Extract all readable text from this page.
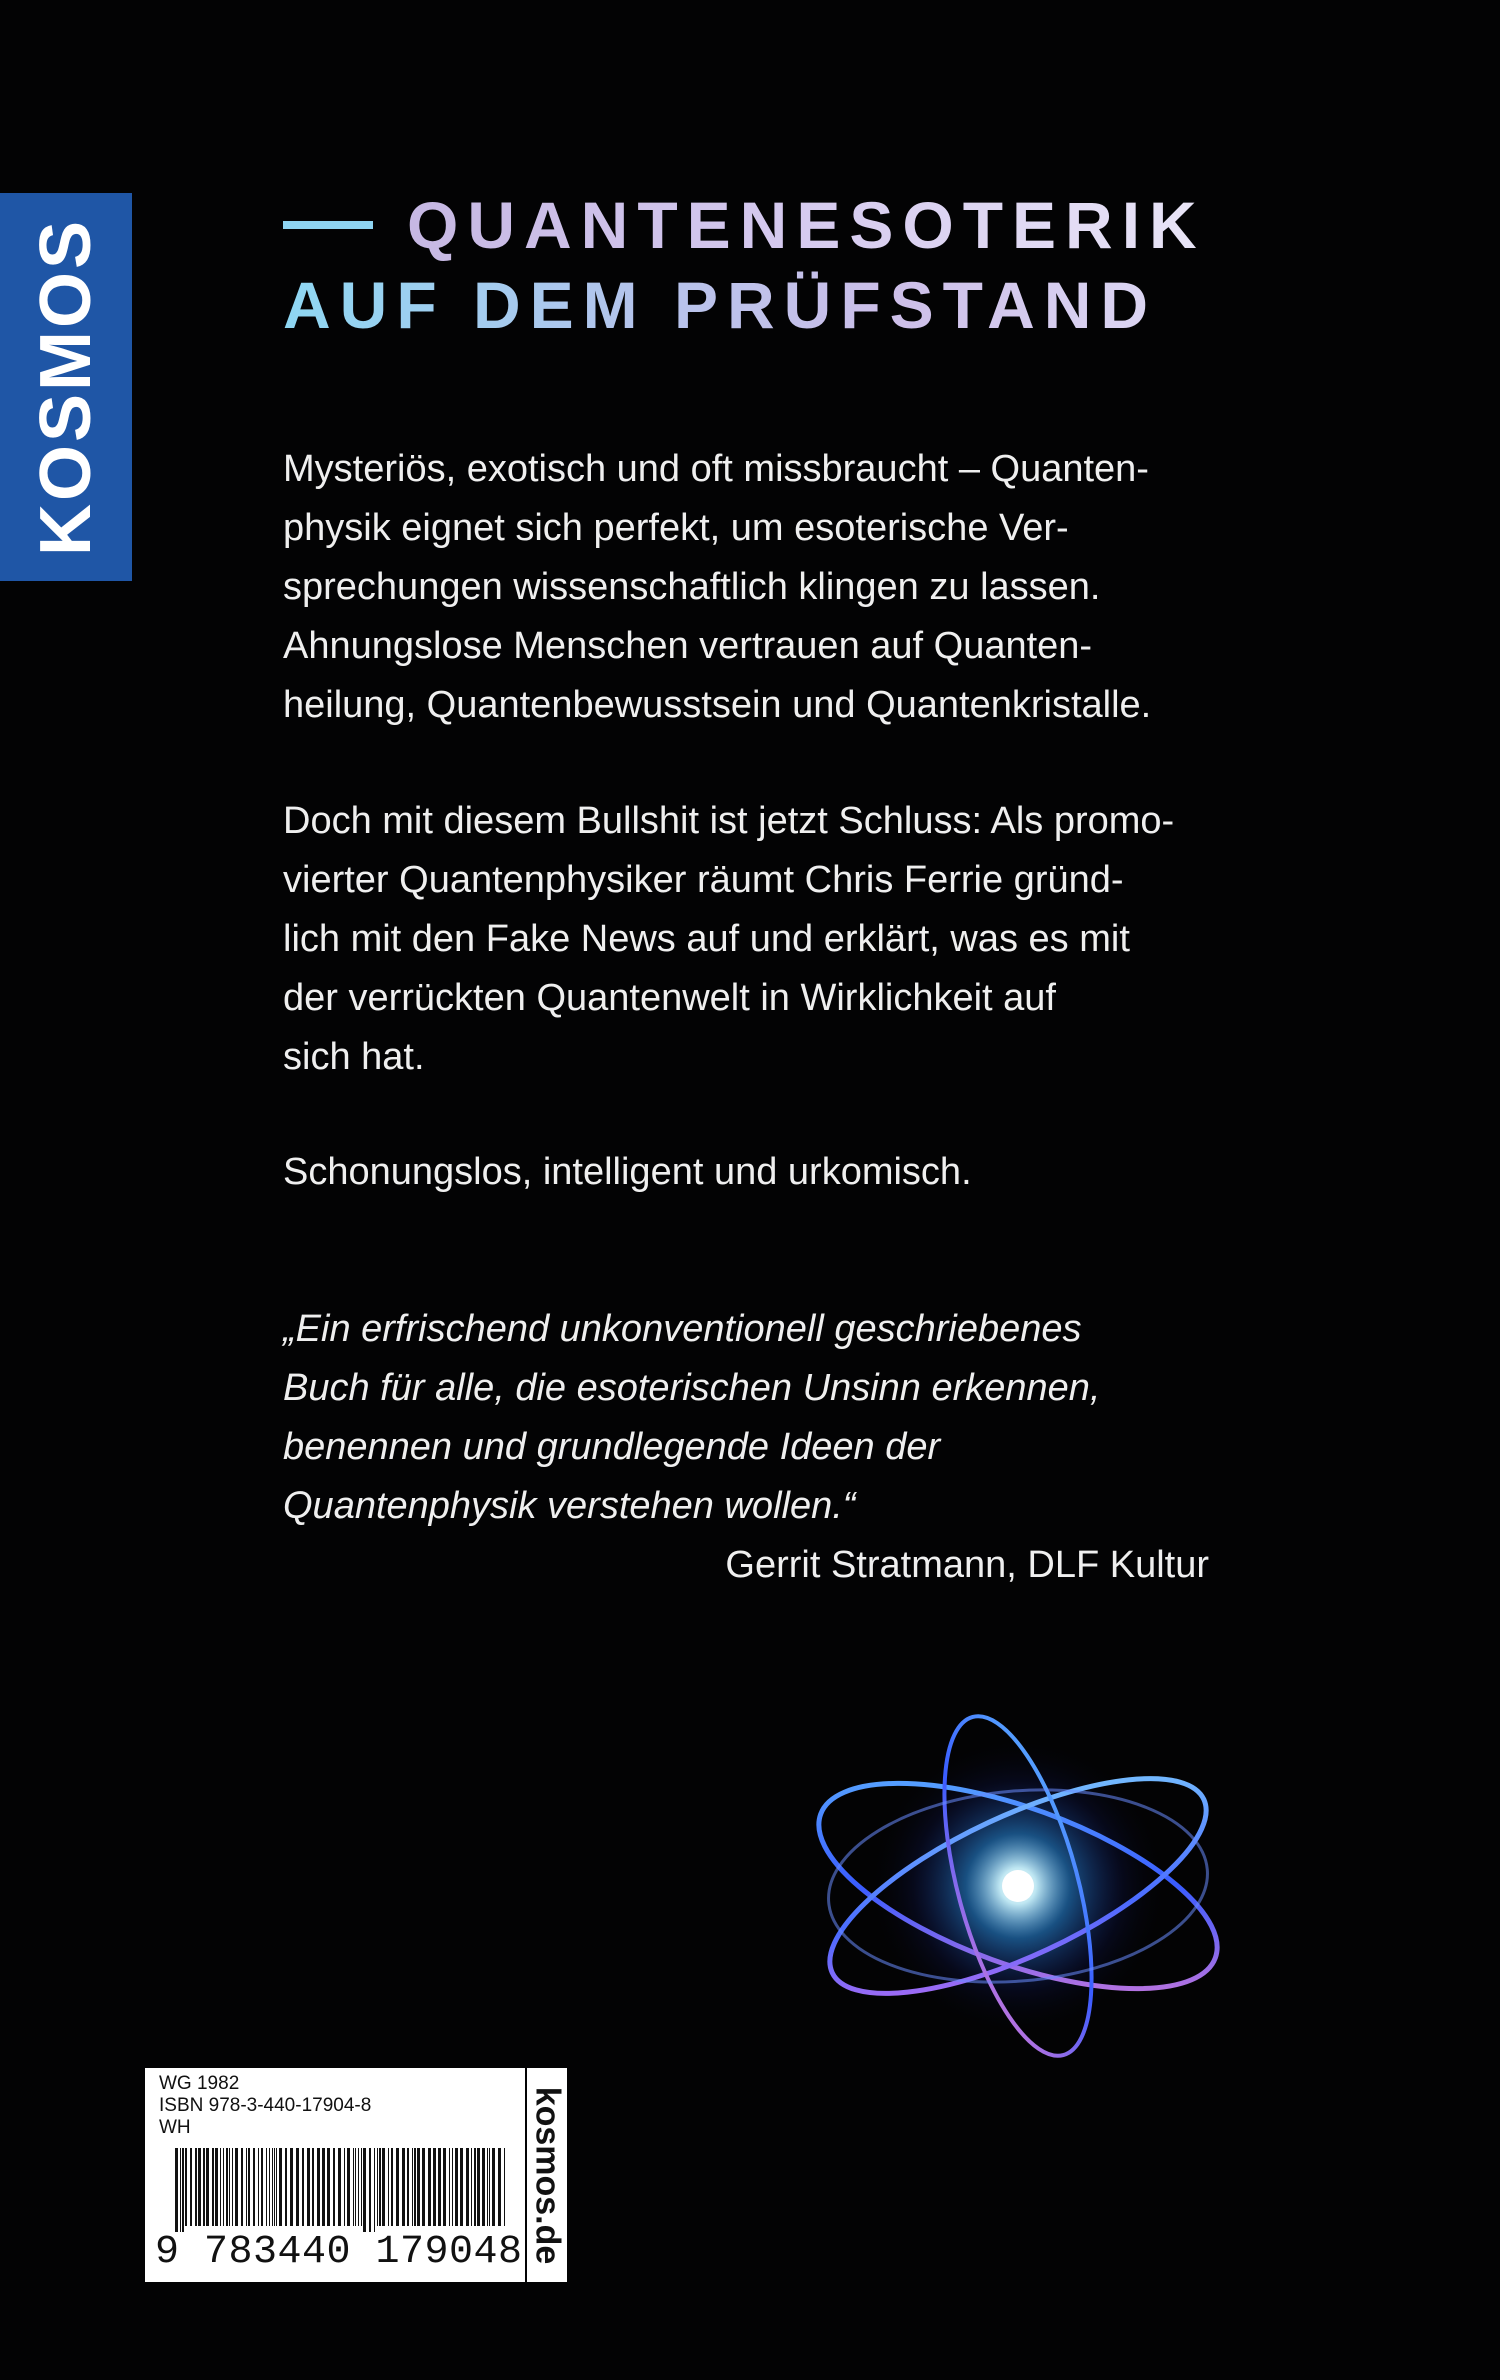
KOSMOS	QUANTENESOTERIK
AUF DEM PRÜFSTAND

Mysteriös, exotisch und oft missbraucht – Quanten-

physik eignet sich perfekt, um esoterische Ver-

sprechungen wissenschaftlich klingen zu lassen.

Ahnungslose Menschen vertrauen auf Quanten-

heilung, Quantenbewusstsein und Quantenkristalle.

Doch mit diesem Bullshit ist jetzt Schluss: Als promo-

vierter Quantenphysiker räumt Chris Ferrie gründ-

lich mit den Fake News auf und erklärt, was es mit

der verrückten Quantenwelt in Wirklichkeit auf

sich hat.

Schonungslos, intelligent und urkomisch.

„Ein erfrischend unkonventionell geschriebenes

Buch für alle, die esoterischen Unsinn erkennen,

benennen und grundlegende Ideen der

Quantenphysik verstehen wollen.“

Gerrit Stratmann, DLF Kultur
WG 1982
ISBN 978-3-440-17904-8
WH
9 783440 179048 kosmos.de
